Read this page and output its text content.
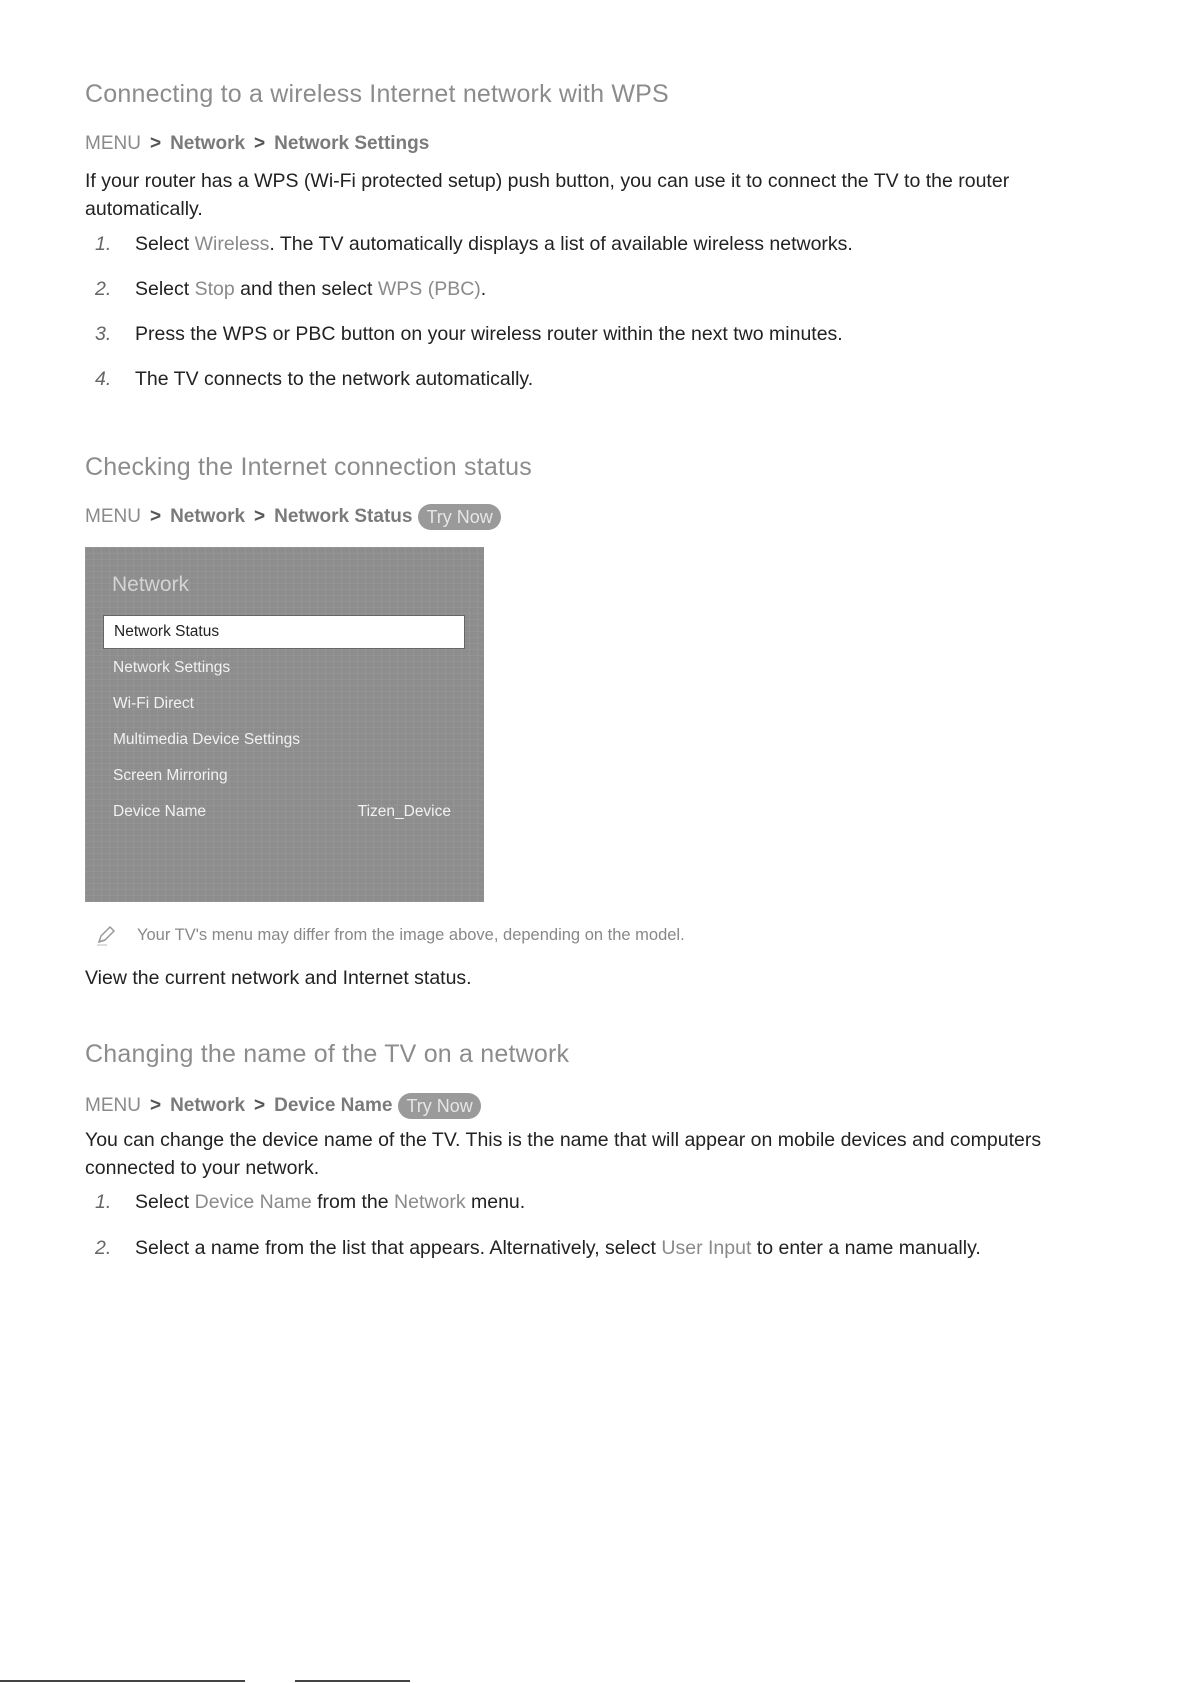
Connecting to a wireless Internet network with WPS
MENU > Network > Network Settings

If your router has a WPS (Wi-Fi protected setup) push button, you can use it to connect the TV to the router automatically.

1. Select Wireless. The TV automatically displays a list of available wireless networks.
2. Select Stop and then select WPS (PBC).
3. Press the WPS or PBC button on your wireless router within the next two minutes.
4. The TV connects to the network automatically.
Checking the Internet connection status
MENU > Network > Network Status Try Now
Network
Network Status
Network Settings
Wi-Fi Direct
Multimedia Device Settings
Screen Mirroring
Device Name	Tizen_Device
Your TV's menu may differ from the image above, depending on the model.

View the current network and Internet status.

Changing the name of the TV on a network
MENU > Network > Device Name Try Now

You can change the device name of the TV. This is the name that will appear on mobile devices and computers connected to your network.

1. Select Device Name from the Network menu.
2. Select a name from the list that appears. Alternatively, select User Input to enter a name manually.
